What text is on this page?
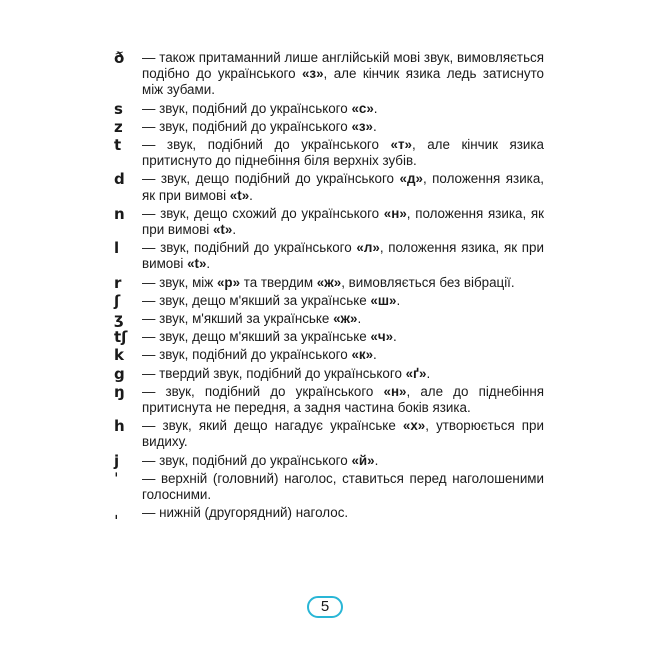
ð	— також притаманний лише англійській мові звук, вимовляється подібно до українського «з», але кінчик язика ледь затиснуто між зубами.
s	— звук, подібний до українського «с».
z	— звук, подібний до українського «з».
t	— звук, подібний до українського «т», але кінчик язика притиснуто до піднебіння біля верхніх зубів.
d	— звук, дещо подібний до українського «д», положення язика, як при вимові «t».
n	— звук, дещо схожий до українського «н», положення язика, як при вимові «t».
l	— звук, подібний до українського «л», положення язика, як при вимові «t».
r	— звук, між «р» та твердим «ж», вимовляється без вібрації.
ʃ	— звук, дещо м'якший за українське «ш».
ʒ	— звук, м'якший за українське «ж».
tʃ	— звук, дещо м'якший за українське «ч».
k	— звук, подібний до українського «к».
g	— твердий звук, подібний до українського «ґ».
ŋ	— звук, подібний до українського «н», але до піднебіння притиснута не передня, а задня частина боків язика.
h	— звук, який дещо нагадує українське «х», утворюється при видиху.
j	— звук, подібний до українського «й».
ˈ	— верхній (головний) наголос, ставиться перед наголошеними голосними.
ˌ	— нижній (другорядний) наголос.
5
